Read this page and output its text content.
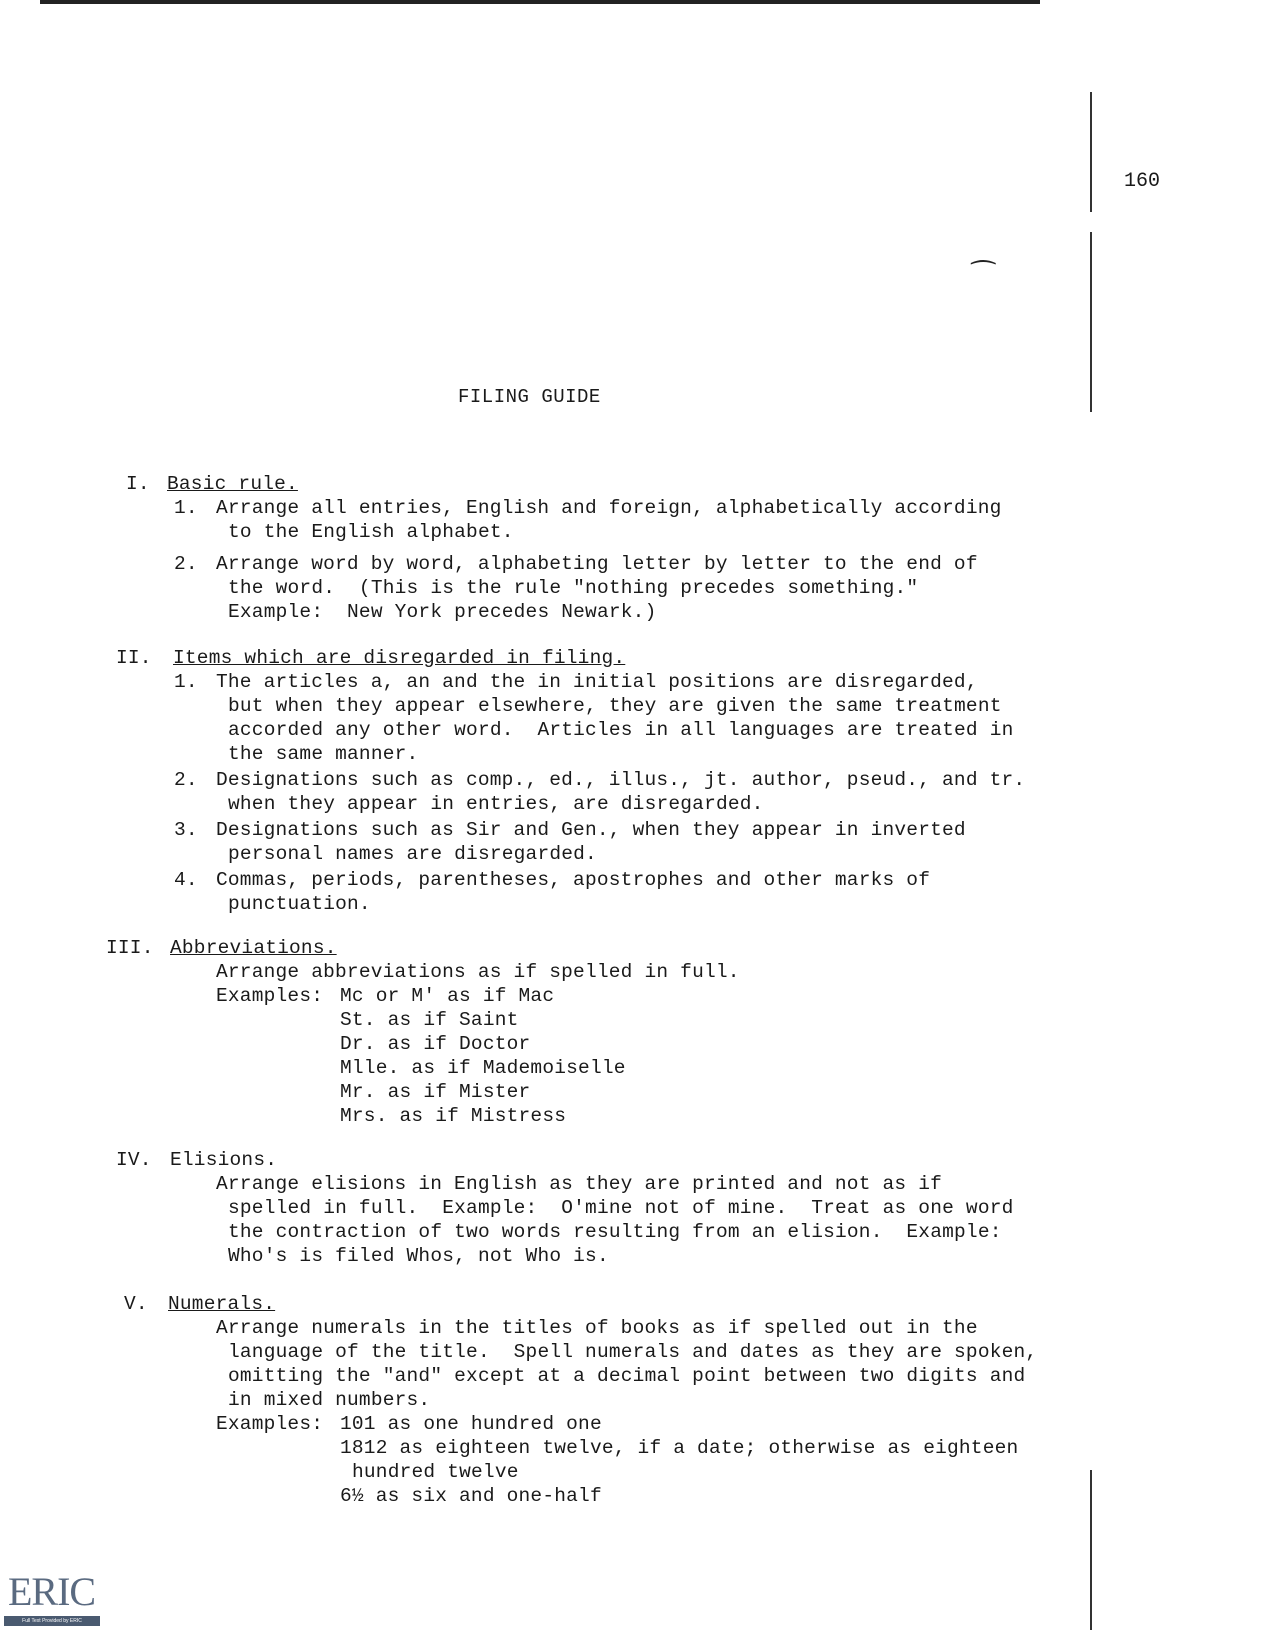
160
⁀
FILING GUIDE
I. Basic rule.
1. Arrange all entries, English and foreign, alphabetically according
to the English alphabet.
2. Arrange word by word, alphabeting letter by letter to the end of
the word.  (This is the rule "nothing precedes something."
Example:  New York precedes Newark.)
II. Items which are disregarded in filing.
1. The articles a, an and the in initial positions are disregarded,
but when they appear elsewhere, they are given the same treatment
accorded any other word.  Articles in all languages are treated in
the same manner.
2. Designations such as comp., ed., illus., jt. author, pseud., and tr.
when they appear in entries, are disregarded.
3. Designations such as Sir and Gen., when they appear in inverted
personal names are disregarded.
4. Commas, periods, parentheses, apostrophes and other marks of
punctuation.
III. Abbreviations.
Arrange abbreviations as if spelled in full.
Examples: Mc or M' as if Mac
St. as if Saint
Dr. as if Doctor
Mlle. as if Mademoiselle
Mr. as if Mister
Mrs. as if Mistress
IV. Elisions.
Arrange elisions in English as they are printed and not as if
spelled in full.  Example:  O'mine not of mine.  Treat as one word
the contraction of two words resulting from an elision.  Example:
Who's is filed Whos, not Who is.
V. Numerals.
Arrange numerals in the titles of books as if spelled out in the
language of the title.  Spell numerals and dates as they are spoken,
omitting the "and" except at a decimal point between two digits and
in mixed numbers.
Examples: 101 as one hundred one
1812 as eighteen twelve, if a date; otherwise as eighteen
hundred twelve
6½ as six and one-half
ERIC
Full Text Provided by ERIC
